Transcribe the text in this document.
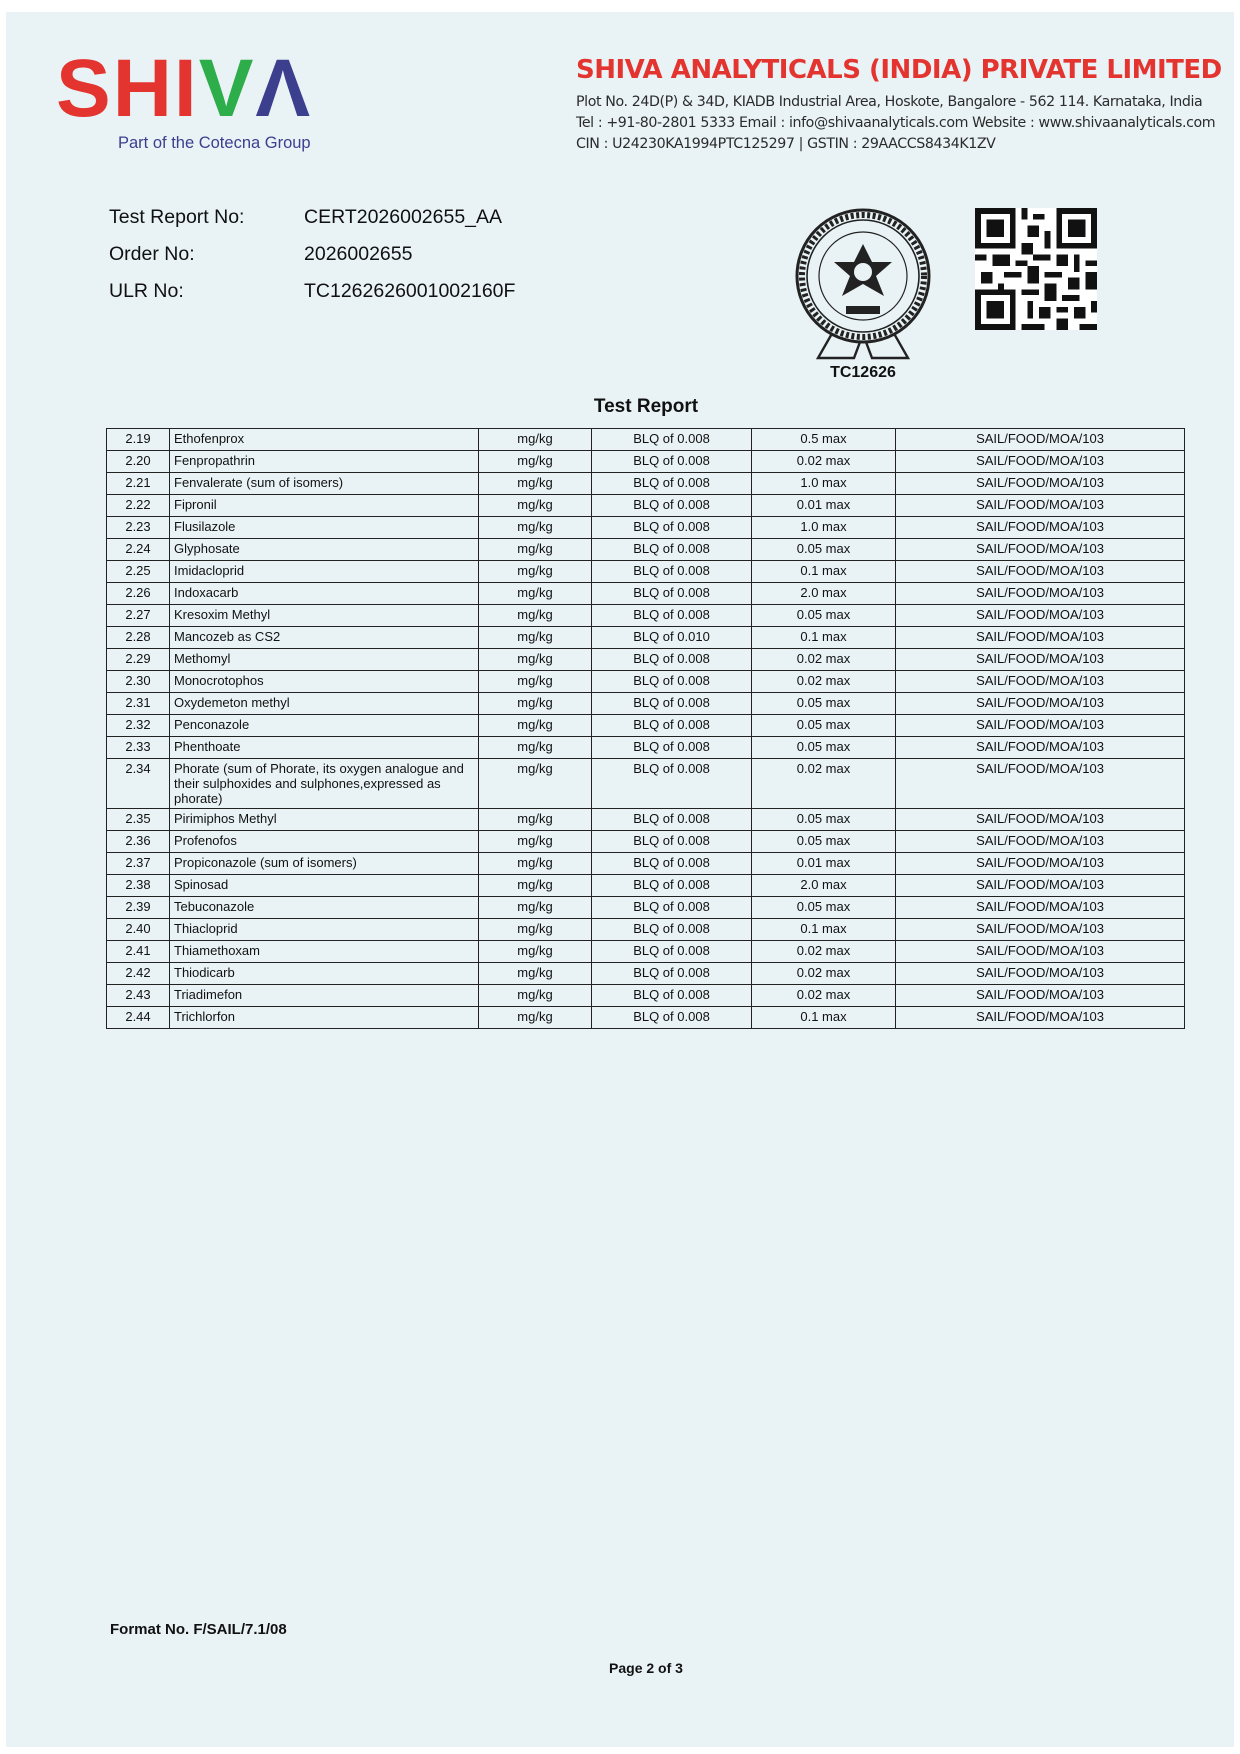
S H I V Λ
Part of the Cotecna Group
SHIVA ANALYTICALS (INDIA) PRIVATE LIMITED
Plot No. 24D(P) & 34D, KIADB Industrial Area, Hoskote, Bangalore - 562 114. Karnataka, India
Tel : +91-80-2801 5333 Email : info@shivaanalyticals.com Website : www.shivaanalyticals.com
CIN : U24230KA1994PTC125297 | GSTIN : 29AACCS8434K1ZV
Test Report No:	CERT2026002655_AA
Order No:	2026002655
ULR No:	TC1262626001002160F
TC12626
Test Report
2.19	Ethofenprox	mg/kg	BLQ of 0.008	0.5 max	SAIL/FOOD/MOA/103
2.20	Fenpropathrin	mg/kg	BLQ of 0.008	0.02 max	SAIL/FOOD/MOA/103
2.21	Fenvalerate (sum of isomers)	mg/kg	BLQ of 0.008	1.0 max	SAIL/FOOD/MOA/103
2.22	Fipronil	mg/kg	BLQ of 0.008	0.01 max	SAIL/FOOD/MOA/103
2.23	Flusilazole	mg/kg	BLQ of 0.008	1.0 max	SAIL/FOOD/MOA/103
2.24	Glyphosate	mg/kg	BLQ of 0.008	0.05 max	SAIL/FOOD/MOA/103
2.25	Imidacloprid	mg/kg	BLQ of 0.008	0.1 max	SAIL/FOOD/MOA/103
2.26	Indoxacarb	mg/kg	BLQ of 0.008	2.0 max	SAIL/FOOD/MOA/103
2.27	Kresoxim Methyl	mg/kg	BLQ of 0.008	0.05 max	SAIL/FOOD/MOA/103
2.28	Mancozeb as CS2	mg/kg	BLQ of 0.010	0.1 max	SAIL/FOOD/MOA/103
2.29	Methomyl	mg/kg	BLQ of 0.008	0.02 max	SAIL/FOOD/MOA/103
2.30	Monocrotophos	mg/kg	BLQ of 0.008	0.02 max	SAIL/FOOD/MOA/103
2.31	Oxydemeton methyl	mg/kg	BLQ of 0.008	0.05 max	SAIL/FOOD/MOA/103
2.32	Penconazole	mg/kg	BLQ of 0.008	0.05 max	SAIL/FOOD/MOA/103
2.33	Phenthoate	mg/kg	BLQ of 0.008	0.05 max	SAIL/FOOD/MOA/103
2.34	Phorate (sum of Phorate, its oxygen analogue and their sulphoxides and sulphones,expressed as phorate)	mg/kg	BLQ of 0.008	0.02 max	SAIL/FOOD/MOA/103
2.35	Pirimiphos Methyl	mg/kg	BLQ of 0.008	0.05 max	SAIL/FOOD/MOA/103
2.36	Profenofos	mg/kg	BLQ of 0.008	0.05 max	SAIL/FOOD/MOA/103
2.37	Propiconazole (sum of isomers)	mg/kg	BLQ of 0.008	0.01 max	SAIL/FOOD/MOA/103
2.38	Spinosad	mg/kg	BLQ of 0.008	2.0 max	SAIL/FOOD/MOA/103
2.39	Tebuconazole	mg/kg	BLQ of 0.008	0.05 max	SAIL/FOOD/MOA/103
2.40	Thiacloprid	mg/kg	BLQ of 0.008	0.1 max	SAIL/FOOD/MOA/103
2.41	Thiamethoxam	mg/kg	BLQ of 0.008	0.02 max	SAIL/FOOD/MOA/103
2.42	Thiodicarb	mg/kg	BLQ of 0.008	0.02 max	SAIL/FOOD/MOA/103
2.43	Triadimefon	mg/kg	BLQ of 0.008	0.02 max	SAIL/FOOD/MOA/103
2.44	Trichlorfon	mg/kg	BLQ of 0.008	0.1 max	SAIL/FOOD/MOA/103
Format No. F/SAIL/7.1/08
Page 2 of 3
